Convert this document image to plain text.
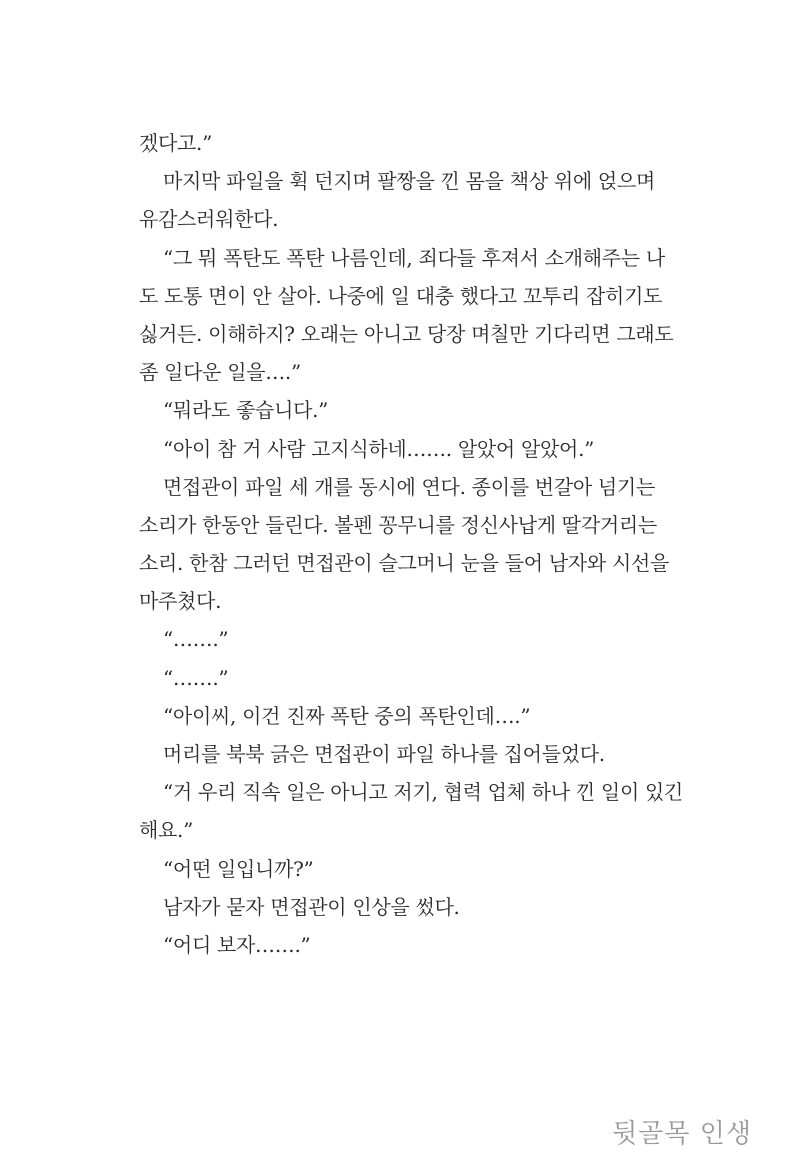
겠다고.”
마지막 파일을 휙 던지며 팔짱을 낀 몸을 책상 위에 얹으며
유감스러워한다.
“그 뭐 폭탄도 폭탄 나름인데, 죄다들 후져서 소개해주는 나
도 도통 면이 안 살아. 나중에 일 대충 했다고 꼬투리 잡히기도
싫거든. 이해하지? 오래는 아니고 당장 며칠만 기다리면 그래도
좀 일다운 일을….”
“뭐라도 좋습니다.”
“아이 참 거 사람 고지식하네……. 알았어 알았어.”
면접관이 파일 세 개를 동시에 연다. 종이를 번갈아 넘기는
소리가 한동안 들린다. 볼펜 꽁무니를 정신사납게 딸각거리는
소리. 한참 그러던 면접관이 슬그머니 눈을 들어 남자와 시선을
마주쳤다.
“…….”
“…….”
“아이씨, 이건 진짜 폭탄 중의 폭탄인데….”
머리를 북북 긁은 면접관이 파일 하나를 집어들었다.
“거 우리 직속 일은 아니고 저기, 협력 업체 하나 낀 일이 있긴
해요.”
“어떤 일입니까?”
남자가 묻자 면접관이 인상을 썼다.
“어디 보자…….”
뒷골목 인생
